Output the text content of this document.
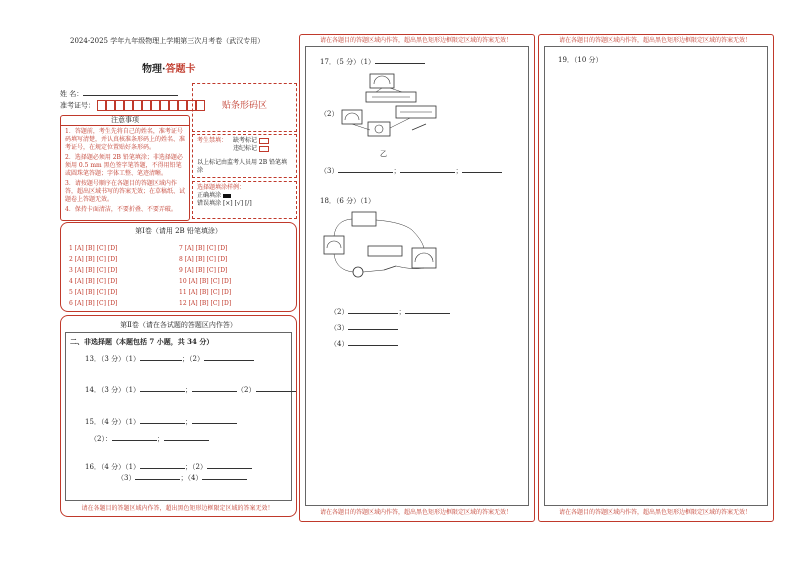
2024-2025 学年九年级物理上学期第三次月考卷（武汉专用）
物理·答题卡
姓 名：
准考证号：	贴条形码区
注意事项
1．答题前，考生先将自己的姓名，准考证号码填写清楚，并认真核准条形码上的姓名、准考证号，在规定位置贴好条形码。
2．选择题必须用 2B 铅笔填涂；非选择题必须用 0.5 mm 黑色签字笔答题，不得用铅笔或圆珠笔答题；字体工整、笔迹清晰。
3．请按题号顺序在各题目的答题区域内作答，超出区域书写的答案无效；在草稿纸、试题卷上答题无效。
4．保持卡面清洁，不要折叠、不要弄破。
考生禁填： 缺考标记
违纪标记
以上标记由监考人员用 2B 铅笔填涂
选择题填涂样例：
正确填涂
错误填涂 [×] [√] [/]
第Ⅰ卷（请用 2B 铅笔填涂）
1 [A] [B] [C] [D]
2 [A] [B] [C] [D]
3 [A] [B] [C] [D]
4 [A] [B] [C] [D]
5 [A] [B] [C] [D]
6 [A] [B] [C] [D]
7 [A] [B] [C] [D]
8 [A] [B] [C] [D]
9 [A] [B] [C] [D]
10 [A] [B] [C] [D]
11 [A] [B] [C] [D]
12 [A] [B] [C] [D]
第Ⅱ卷（请在各试题的答题区内作答）
二、非选择题（本题包括 7 小题，共 34 分）
13．（3 分）（1）	；（2）
14．（3 分）（1）	；	（2）
15．（4 分）（1）	；
（2）：	；
16．（4 分）（1）	；（2）
（3）	；（4）
请在各题目的答题区域内作答，超出黑色矩形边框限定区域的答案无效！
请在各题目的答题区域内作答，超出黑色矩形边框限定区域的答案无效！
17．（5 分）（1）
（2）
乙
（3）	；	；
18．（6 分）（1）
（2）	；
（3）
（4）
请在各题目的答题区域内作答，超出黑色矩形边框限定区域的答案无效！
请在各题目的答题区域内作答，超出黑色矩形边框限定区域的答案无效！
19．（10 分）
请在各题目的答题区域内作答，超出黑色矩形边框限定区域的答案无效！
